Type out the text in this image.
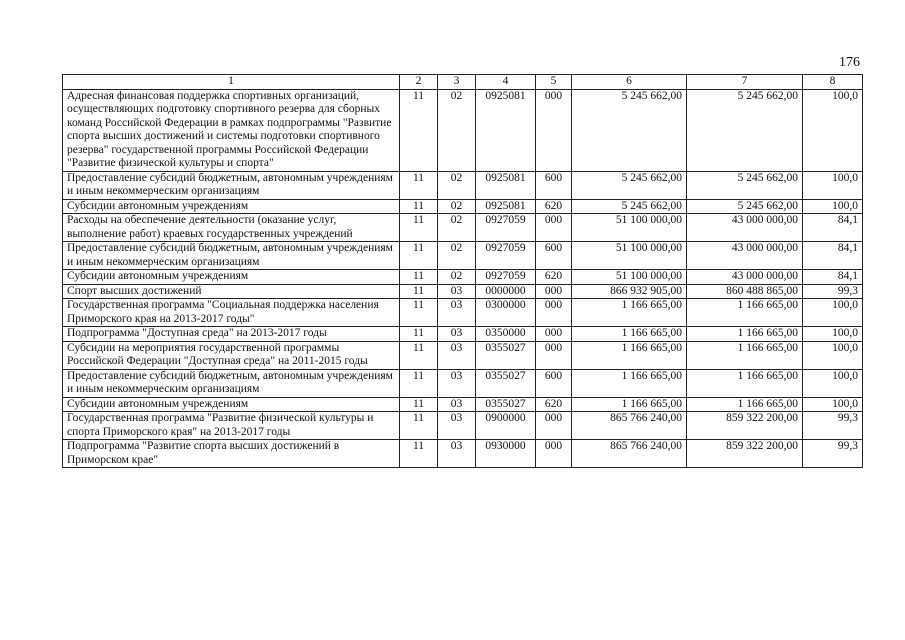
176
1	2	3	4	5	6	7	8
Адресная финансовая поддержка спортивных организаций, осуществляющих подготовку спортивного резерва для сборных команд Российской Федерации в рамках подпрограммы "Развитие спорта высших достижений и системы подготовки спортивного резерва" государственной программы Российской Федерации "Развитие физической культуры и спорта"	11	02	0925081	000	5 245 662,00	5 245 662,00	100,0
Предоставление субсидий бюджетным, автономным учреждениям и иным некоммерческим организациям	11	02	0925081	600	5 245 662,00	5 245 662,00	100,0
Субсидии автономным учреждениям	11	02	0925081	620	5 245 662,00	5 245 662,00	100,0
Расходы на обеспечение деятельности (оказание услуг, выполнение работ) краевых государственных учреждений	11	02	0927059	000	51 100 000,00	43 000 000,00	84,1
Предоставление субсидий бюджетным, автономным учреждениям и иным некоммерческим организациям	11	02	0927059	600	51 100 000,00	43 000 000,00	84,1
Субсидии автономным учреждениям	11	02	0927059	620	51 100 000,00	43 000 000,00	84,1
Спорт высших достижений	11	03	0000000	000	866 932 905,00	860 488 865,00	99,3
Государственная программа "Социальная поддержка населения Приморского края на 2013-2017 годы"	11	03	0300000	000	1 166 665,00	1 166 665,00	100,0
Подпрограмма "Доступная среда" на 2013-2017 годы	11	03	0350000	000	1 166 665,00	1 166 665,00	100,0
Субсидии на мероприятия государственной программы Российской Федерации "Доступная среда" на 2011-2015 годы	11	03	0355027	000	1 166 665,00	1 166 665,00	100,0
Предоставление субсидий бюджетным, автономным учреждениям и иным некоммерческим организациям	11	03	0355027	600	1 166 665,00	1 166 665,00	100,0
Субсидии автономным учреждениям	11	03	0355027	620	1 166 665,00	1 166 665,00	100,0
Государственная программа "Развитие физической культуры и спорта Приморского края" на 2013-2017 годы	11	03	0900000	000	865 766 240,00	859 322 200,00	99,3
Подпрограмма "Развитие спорта высших достижений в Приморском крае"	11	03	0930000	000	865 766 240,00	859 322 200,00	99,3
